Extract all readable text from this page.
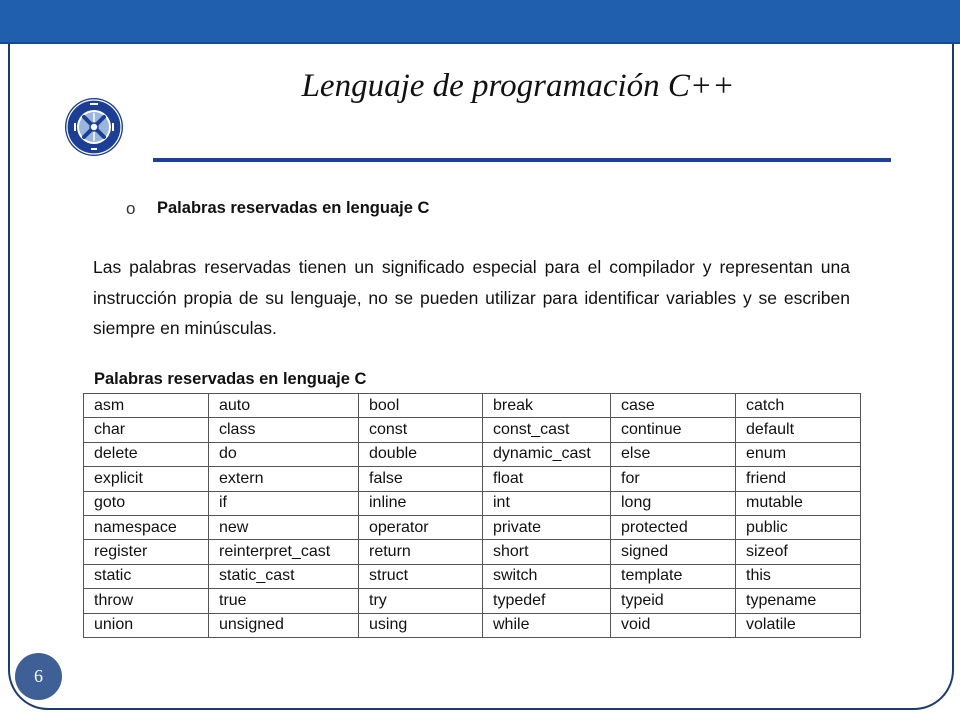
Lenguaje de programación C++
o Palabras reservadas en lenguaje C
Las palabras reservadas tienen un significado especial para el compilador y representan una instrucción propia de su lenguaje, no se pueden utilizar para identificar variables y se escriben siempre en minúsculas.
Palabras reservadas en lenguaje C
asm	auto	bool	break	case	catch
char	class	const	const_cast	continue	default
delete	do	double	dynamic_cast	else	enum
explicit	extern	false	float	for	friend
goto	if	inline	int	long	mutable
namespace	new	operator	private	protected	public
register	reinterpret_cast	return	short	signed	sizeof
static	static_cast	struct	switch	template	this
throw	true	try	typedef	typeid	typename
union	unsigned	using	while	void	volatile
6
